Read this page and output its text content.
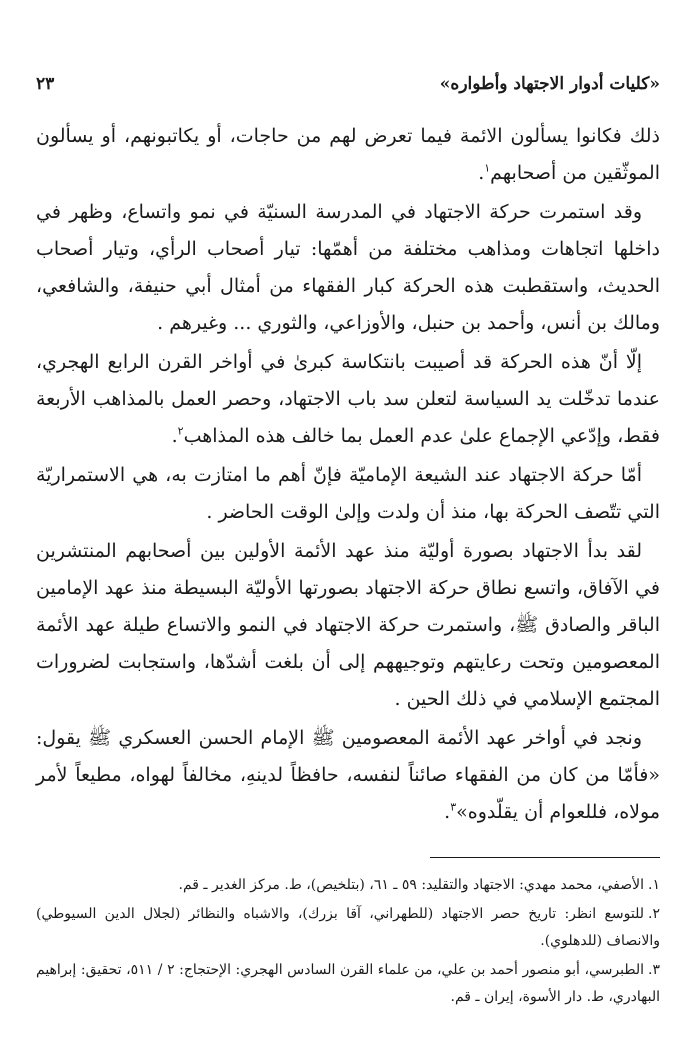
«كليات أدوار الاجتهاد وأطواره»
٢٣

ذلك فكانوا يسألون الائمة فيما تعرض لهم من حاجات، أو يكاتبونهم، أو يسألون الموثّقين من أصحابهم$^١$.

وقد استمرت حركة الاجتهاد في المدرسة السنيّة في نمو واتساع، وظهر في داخلها اتجاهات ومذاهب مختلفة من أهمّها: تيار أصحاب الرأي، وتيار أصحاب الحديث، واستقطبت هذه الحركة كبار الفقهاء من أمثال أبي حنيفة، والشافعي، ومالك بن أنس، وأحمد بن حنبل، والأوزاعي، والثوري ... وغيرهم .

إلّا أنّ هذه الحركة قد أصيبت بانتكاسة كبرىٰ في أواخر القرن الرابع الهجري، عندما تدخّلت يد السياسة لتعلن سد باب الاجتهاد، وحصر العمل بالمذاهب الأربعة فقط، وإدّعي الإجماع علىٰ عدم العمل بما خالف هذه المذاهب$^٢$.

أمّا حركة الاجتهاد عند الشيعة الإماميّة فإنّ أهم ما امتازت به، هي الاستمراريّة التي تتّصف الحركة بها، منذ أن ولدت وإلىٰ الوقت الحاضر .

لقد بدأ الاجتهاد بصورة أوليّة منذ عهد الأئمة الأولين بين أصحابهم المنتشرين في الآفاق، واتسع نطاق حركة الاجتهاد بصورتها الأوليّة البسيطة منذ عهد الإمامين الباقر والصادق ﷺ، واستمرت حركة الاجتهاد في النمو والاتساع طيلة عهد الأئمة المعصومين وتحت رعايتهم وتوجيههم إلى أن بلغت أشدّها، واستجابت لضرورات المجتمع الإسلامي في ذلك الحين .

ونجد في أواخر عهد الأئمة المعصومين ﷺ الإمام الحسن العسكري ﷺ يقول: «فأمّا من كان من الفقهاء صائناً لنفسه، حافظاً لدينهِ، مخالفاً لهواه، مطيعاً لأمر مولاه، فللعوام أن يقلّدوه»$^٣$.

١.الأصفي، محمد مهدي: الاجتهاد والتقليد: ٥٩ ـ ٦١، (بتلخيص)، ط. مركز الغدير ـ قم.

٢.للتوسع انظر: تاريخ حصر الاجتهاد (للطهراني، آقا بزرك)، والاشباه والنظائر (لجلال الدين السيوطي) والانصاف (للدهلوي).

٣.الطبرسي، أبو منصور أحمد بن علي، من علماء القرن السادس الهجري: الإحتجاج: ٢ / ٥١١، تحقيق: إبراهيم البهادري، ط. دار الأسوة، إيران ـ قم.
